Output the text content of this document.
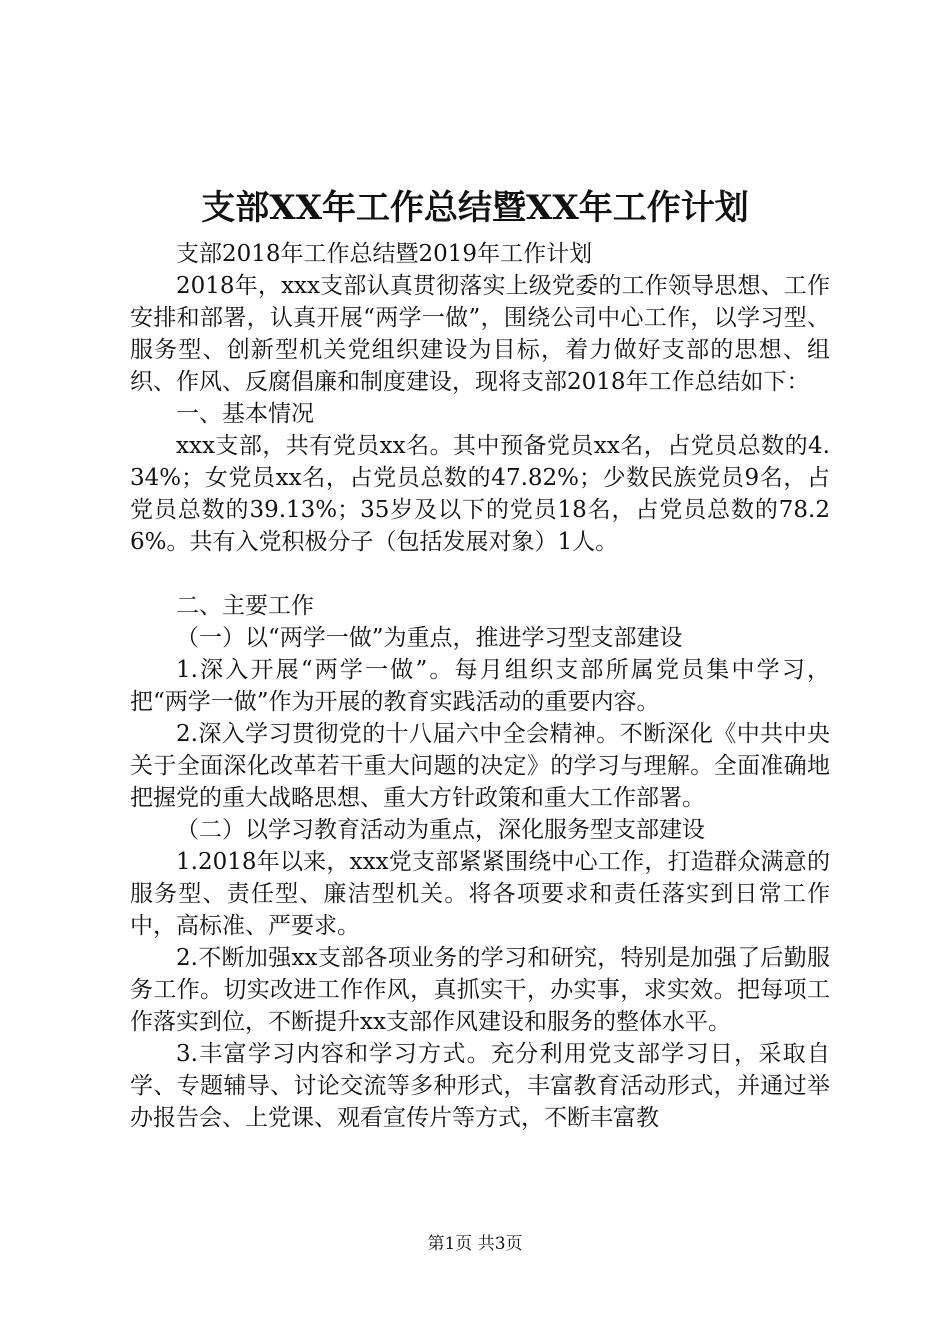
支部XX年工作总结暨XX年工作计划

支部2018年工作总结暨2019年工作计划

2018年，xxx支部认真贯彻落实上级党委的工作领导思想、工作安排和部署，认真开展“两学一做”，围绕公司中心工作，以学习型、服务型、创新型机关党组织建设为目标，着力做好支部的思想、组织、作风、反腐倡廉和制度建设，现将支部2018年工作总结如下：

一、基本情况

xxx支部，共有党员xx名。其中预备党员xx名，占党员总数的4.34%；女党员xx名，占党员总数的47.82%；少数民族党员9名，占党员总数的39.13%；35岁及以下的党员18名，占党员总数的78.26%。共有入党积极分子（包括发展对象）1人。

二、主要工作

（一）以“两学一做”为重点，推进学习型支部建设

1.深入开展“两学一做”。每月组织支部所属党员集中学习，把“两学一做”作为开展的教育实践活动的重要内容。

2.深入学习贯彻党的十八届六中全会精神。不断深化《中共中央关于全面深化改革若干重大问题的决定》的学习与理解。全面准确地把握党的重大战略思想、重大方针政策和重大工作部署。

（二）以学习教育活动为重点，深化服务型支部建设

1.2018年以来，xxx党支部紧紧围绕中心工作，打造群众满意的服务型、责任型、廉洁型机关。将各项要求和责任落实到日常工作中，高标准、严要求。

2.不断加强xx支部各项业务的学习和研究，特别是加强了后勤服务工作。切实改进工作作风，真抓实干，办实事，求实效。把每项工作落实到位，不断提升xx支部作风建设和服务的整体水平。

3.丰富学习内容和学习方式。充分利用党支部学习日，采取自学、专题辅导、讨论交流等多种形式，丰富教育活动形式，并通过举办报告会、上党课、观看宣传片等方式，不断丰富教

第1页 共3页
